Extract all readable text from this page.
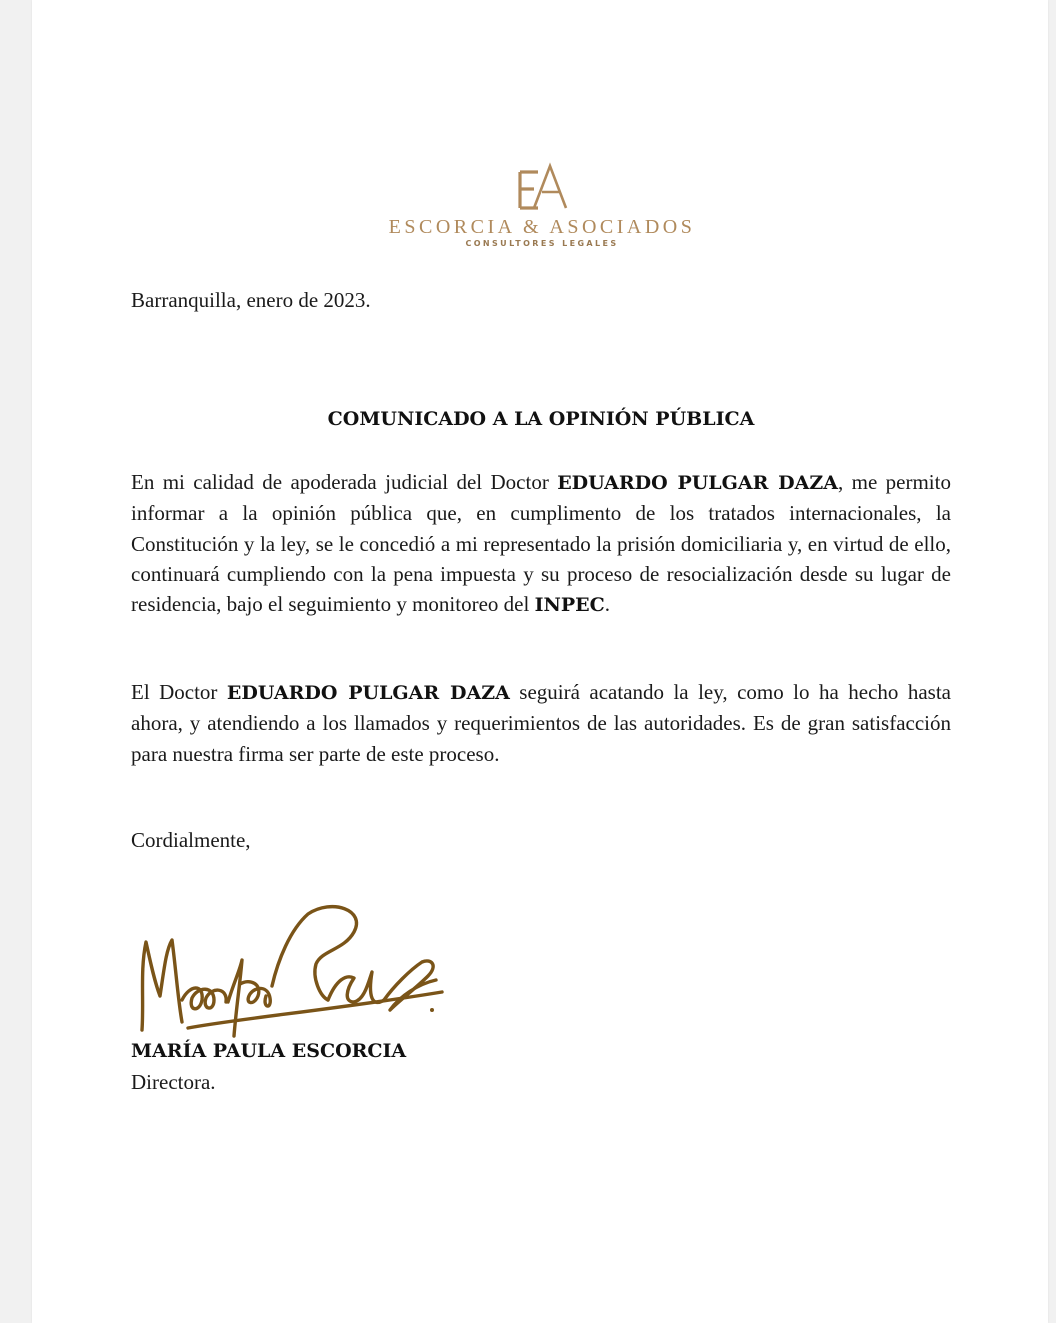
ESCORCIA & ASOCIADOS
CONSULTORES LEGALES
Barranquilla, enero de 2023.
COMUNICADO A LA OPINIÓN PÚBLICA
En mi calidad de apoderada judicial del Doctor EDUARDO PULGAR DAZA, me permito informar a la opinión pública que, en cumplimento de los tratados internacionales, la Constitución y la ley, se le concedió a mi representado la prisión domiciliaria y, en virtud de ello, continuará cumpliendo con la pena impuesta y su proceso de resocialización desde su lugar de residencia, bajo el seguimiento y monitoreo del INPEC.
El Doctor EDUARDO PULGAR DAZA seguirá acatando la ley, como lo ha hecho hasta ahora, y atendiendo a los llamados y requerimientos de las autoridades. Es de gran satisfacción para nuestra firma ser parte de este proceso.
Cordialmente,
MARÍA PAULA ESCORCIA
Directora.
